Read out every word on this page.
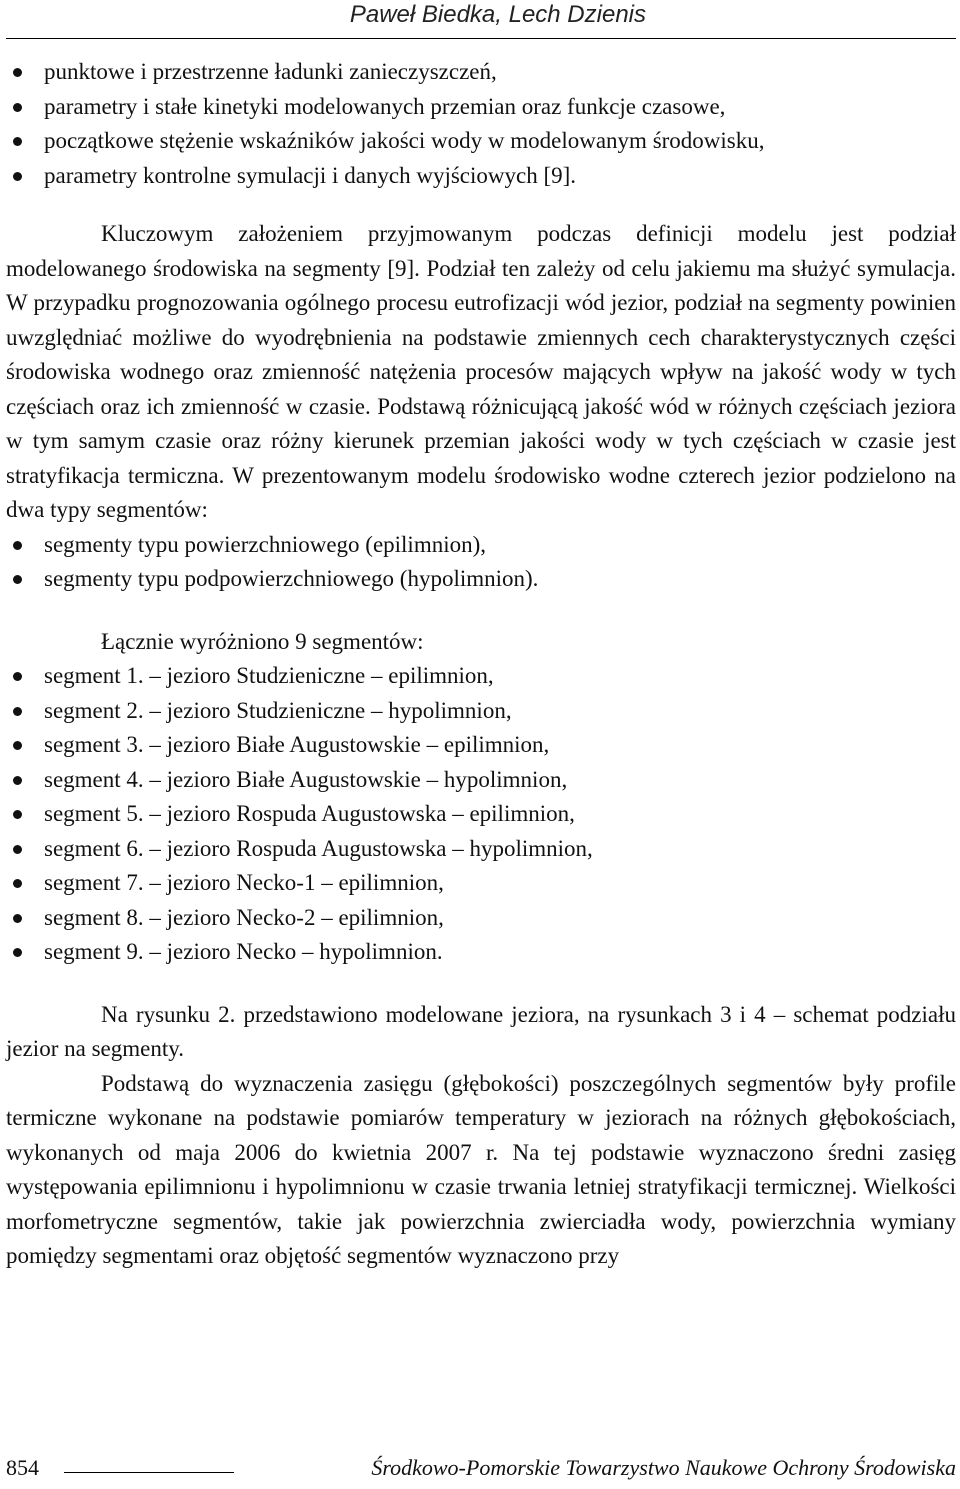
Paweł Biedka, Lech Dzienis
punktowe i przestrzenne ładunki zanieczyszczeń,
parametry i stałe kinetyki modelowanych przemian oraz funkcje czasowe,
początkowe stężenie wskaźników jakości wody w modelowanym środowisku,
parametry kontrolne symulacji i danych wyjściowych [9].

Kluczowym założeniem przyjmowanym podczas definicji modelu jest podział modelowanego środowiska na segmenty [9]. Podział ten zależy od celu jakiemu ma służyć symulacja. W przypadku prognozowania ogólnego procesu eutrofizacji wód jezior, podział na segmenty powinien uwzględniać możliwe do wyodrębnienia na podstawie zmiennych cech charakterystycznych części środowiska wodnego oraz zmienność natężenia procesów mających wpływ na jakość wody w tych częściach oraz ich zmienność w czasie. Podstawą różnicującą jakość wód w różnych częściach jeziora w tym samym czasie oraz różny kierunek przemian jakości wody w tych częściach w czasie jest stratyfikacja termiczna. W prezentowanym modelu środowisko wodne czterech jezior podzielono na dwa typy segmentów:

segmenty typu powierzchniowego (epilimnion),
segmenty typu podpowierzchniowego (hypolimnion).
Łącznie wyróżniono 9 segmentów:
segment 1. – jezioro Studzieniczne – epilimnion,
segment 2. – jezioro Studzieniczne – hypolimnion,
segment 3. – jezioro Białe Augustowskie – epilimnion,
segment 4. – jezioro Białe Augustowskie – hypolimnion,
segment 5. – jezioro Rospuda Augustowska – epilimnion,
segment 6. – jezioro Rospuda Augustowska – hypolimnion,
segment 7. – jezioro Necko-1 – epilimnion,
segment 8. – jezioro Necko-2 – epilimnion,
segment 9. – jezioro Necko – hypolimnion.

Na rysunku 2. przedstawiono modelowane jeziora, na rysunkach 3 i 4 – schemat podziału jezior na segmenty.

Podstawą do wyznaczenia zasięgu (głębokości) poszczególnych segmentów były profile termiczne wykonane na podstawie pomiarów temperatury w jeziorach na różnych głębokościach, wykonanych od maja 2006 do kwietnia 2007 r. Na tej podstawie wyznaczono średni zasięg występowania epilimnionu i hypolimnionu w czasie trwania letniej stratyfikacji termicznej. Wielkości morfometryczne segmentów, takie jak powierzchnia zwierciadła wody, powierzchnia wymiany pomiędzy segmentami oraz objętość segmentów wyznaczono przy

854	Środkowo-Pomorskie Towarzystwo Naukowe Ochrony Środowiska
